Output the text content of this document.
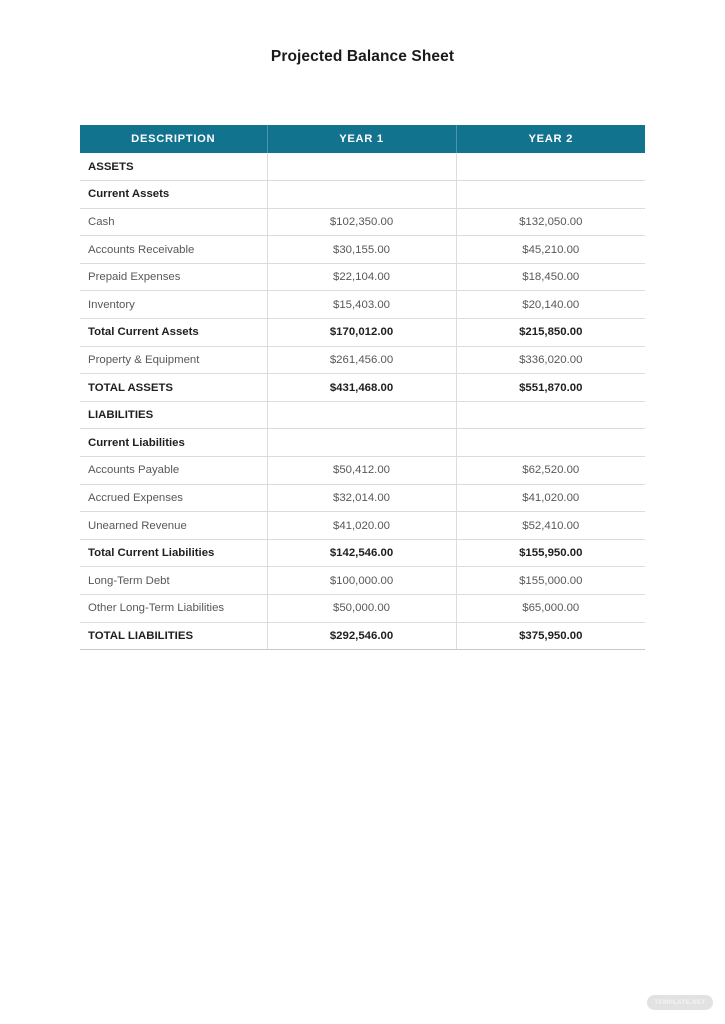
Projected Balance Sheet
DESCRIPTION	YEAR 1	YEAR 2
ASSETS		
Current Assets		
Cash	$102,350.00	$132,050.00
Accounts Receivable	$30,155.00	$45,210.00
Prepaid Expenses	$22,104.00	$18,450.00
Inventory	$15,403.00	$20,140.00
Total Current Assets	$170,012.00	$215,850.00
Property & Equipment	$261,456.00	$336,020.00
TOTAL ASSETS	$431,468.00	$551,870.00
LIABILITIES		
Current Liabilities		
Accounts Payable	$50,412.00	$62,520.00
Accrued Expenses	$32,014.00	$41,020.00
Unearned Revenue	$41,020.00	$52,410.00
Total Current Liabilities	$142,546.00	$155,950.00
Long-Term Debt	$100,000.00	$155,000.00
Other Long-Term Liabilities	$50,000.00	$65,000.00
TOTAL LIABILITIES	$292,546.00	$375,950.00
TEMPLATE.NET
